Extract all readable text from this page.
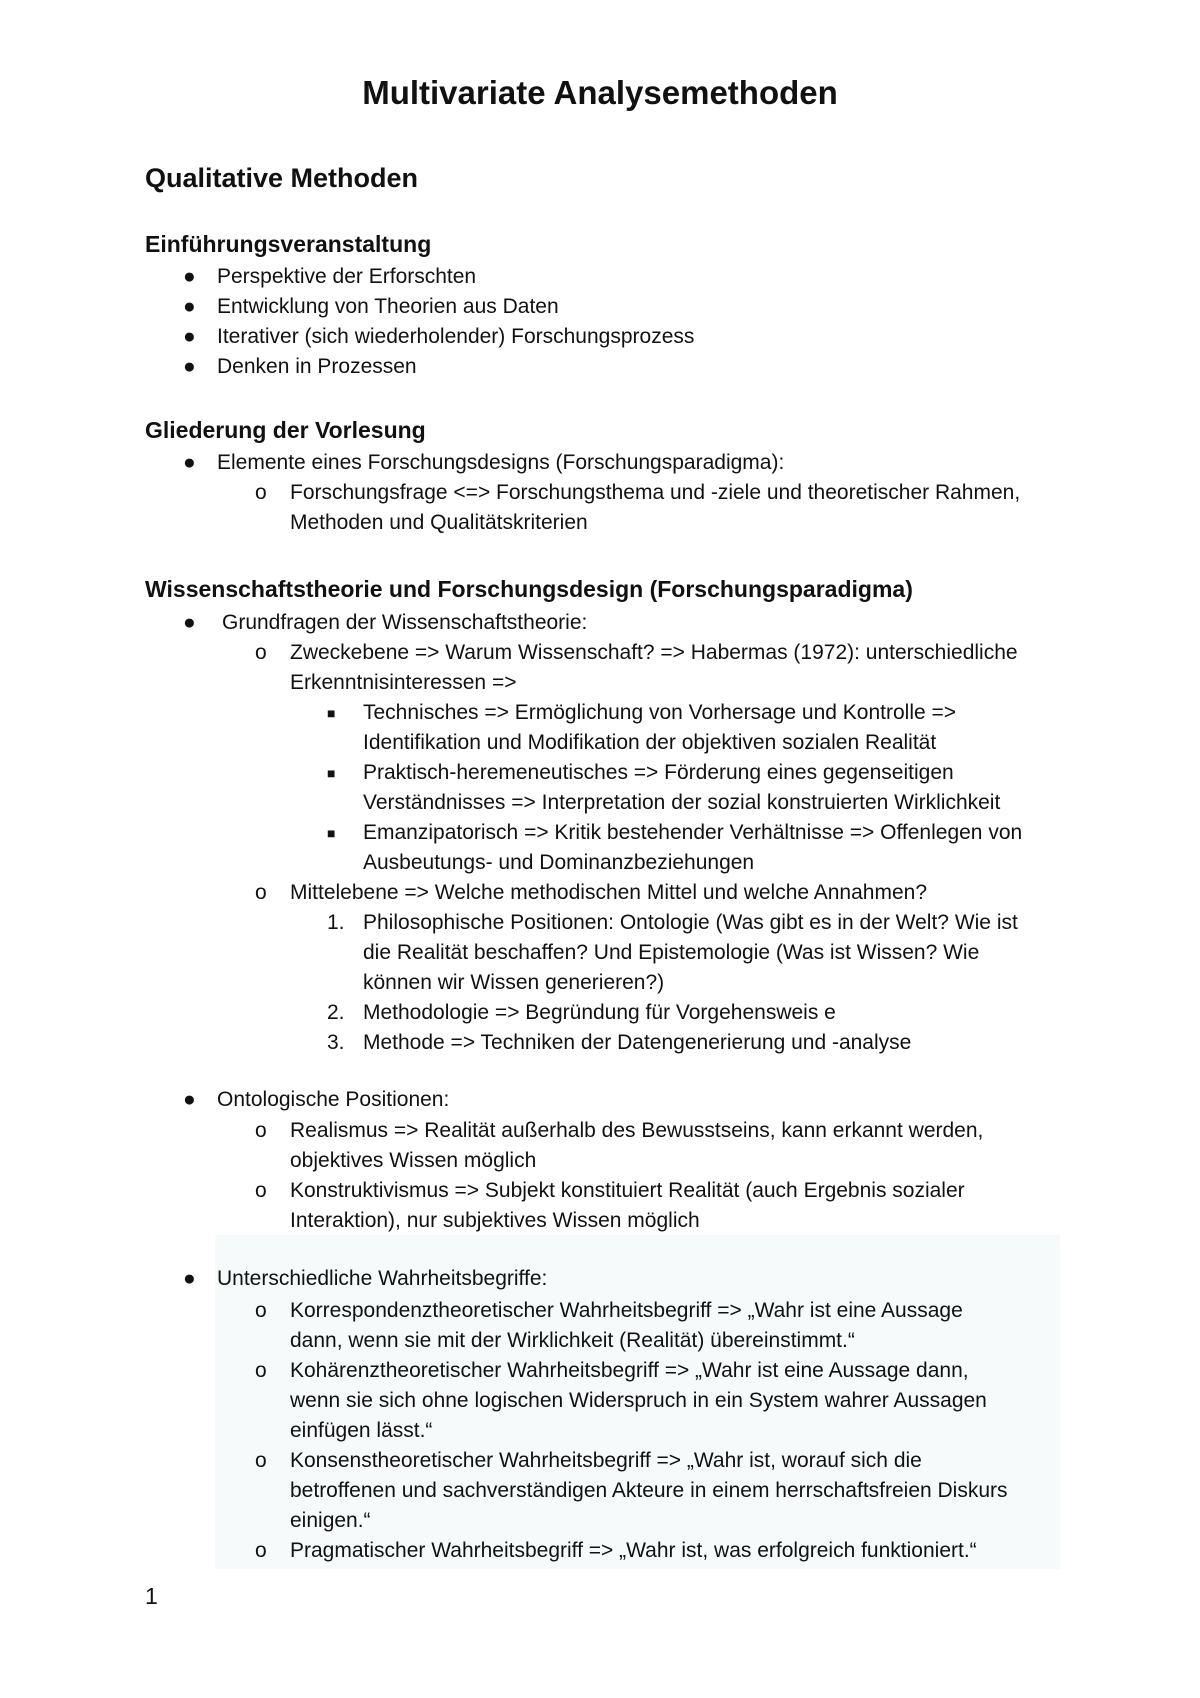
Multivariate Analysemethoden
Qualitative Methoden
Einführungsveranstaltung
● Perspektive der Erforschten

● Entwicklung von Theorien aus Daten

● Iterativer (sich wiederholender) Forschungsprozess

● Denken in Prozessen

Gliederung der Vorlesung
● Elemente eines Forschungsdesigns (Forschungsparadigma):

o Forschungsfrage <=> Forschungsthema und -ziele und theoretischer Rahmen,

Methoden und Qualitätskriterien

Wissenschaftstheorie und Forschungsdesign (Forschungsparadigma)
● Grundfragen der Wissenschaftstheorie:

o Zweckebene => Warum Wissenschaft? => Habermas (1972): unterschiedliche

Erkenntnisinteressen =>

■ Technisches => Ermöglichung von Vorhersage und Kontrolle =>

Identifikation und Modifikation der objektiven sozialen Realität

■ Praktisch-heremeneutisches => Förderung eines gegenseitigen

Verständnisses => Interpretation der sozial konstruierten Wirklichkeit

■ Emanzipatorisch => Kritik bestehender Verhältnisse => Offenlegen von

Ausbeutungs- und Dominanzbeziehungen

o Mittelebene => Welche methodischen Mittel und welche Annahmen?

1. Philosophische Positionen: Ontologie (Was gibt es in der Welt? Wie ist

die Realität beschaffen? Und Epistemologie (Was ist Wissen? Wie

können wir Wissen generieren?)

2. Methodologie => Begründung für Vorgehensweis e

3. Methode => Techniken der Datengenerierung und -analyse

● Ontologische Positionen:

o Realismus => Realität außerhalb des Bewusstseins, kann erkannt werden,

objektives Wissen möglich

o Konstruktivismus => Subjekt konstituiert Realität (auch Ergebnis sozialer

Interaktion), nur subjektives Wissen möglich

● Unterschiedliche Wahrheitsbegriffe:

o Korrespondenztheoretischer Wahrheitsbegriff => „Wahr ist eine Aussage

dann, wenn sie mit der Wirklichkeit (Realität) übereinstimmt.“

o Kohärenztheoretischer Wahrheitsbegriff => „Wahr ist eine Aussage dann,

wenn sie sich ohne logischen Widerspruch in ein System wahrer Aussagen

einfügen lässt.“

o Konsenstheoretischer Wahrheitsbegriff => „Wahr ist, worauf sich die

betroffenen und sachverständigen Akteure in einem herrschaftsfreien Diskurs

einigen.“

o Pragmatischer Wahrheitsbegriff => „Wahr ist, was erfolgreich funktioniert.“

1
